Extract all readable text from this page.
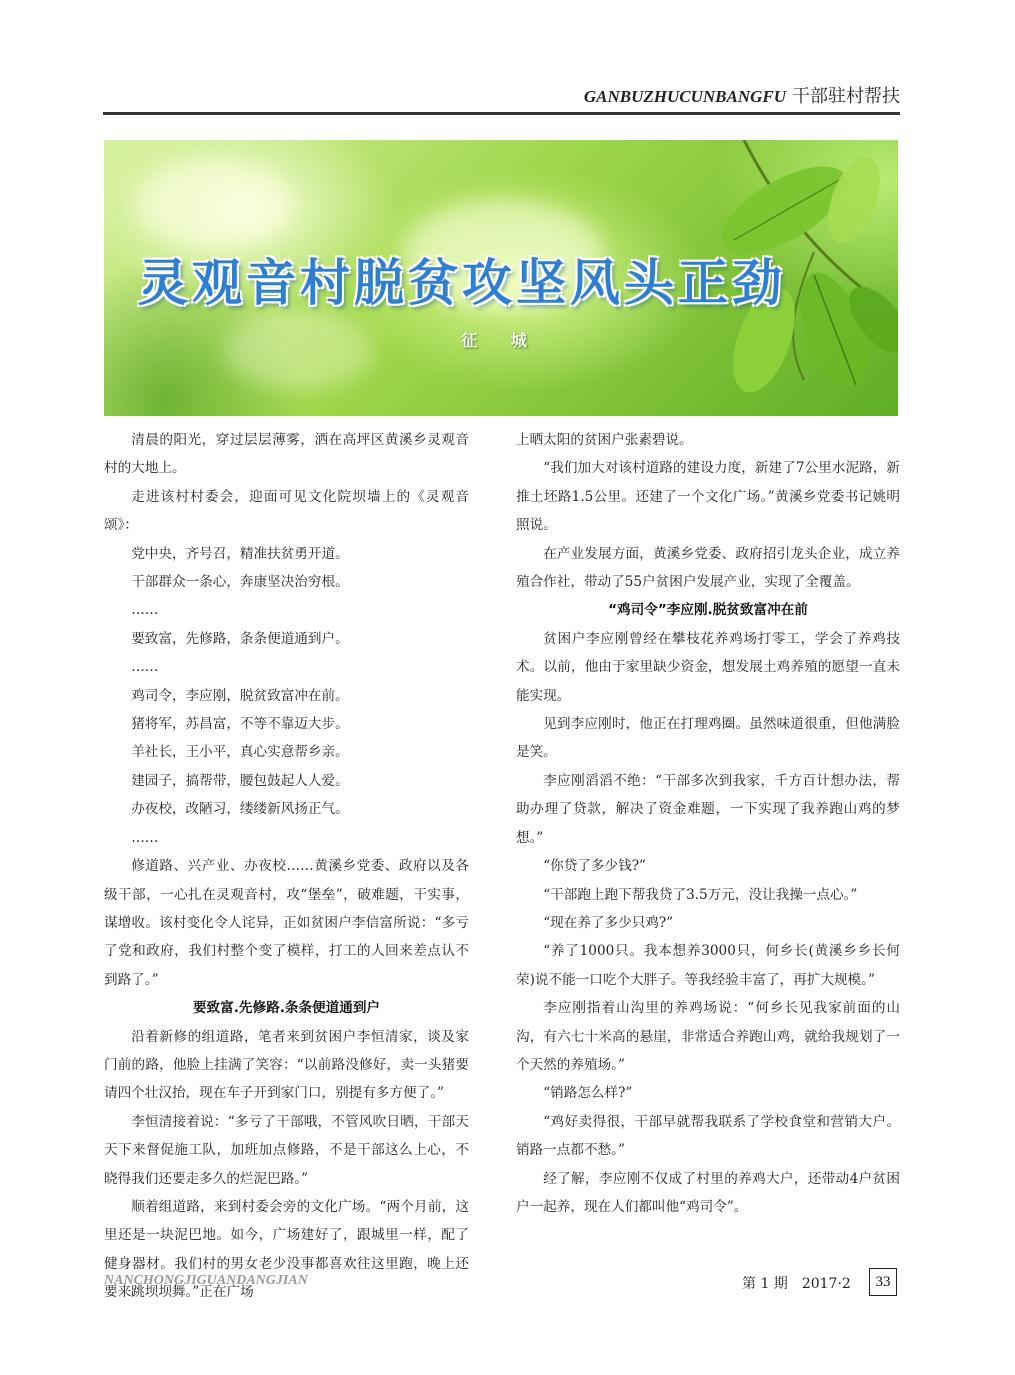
GANBUZHUCUNBANGFU 干部驻村帮扶
灵观音村脱贫攻坚风头正劲
征 城

清晨的阳光，穿过层层薄雾，洒在高坪区黄溪乡灵观音村的大地上。

走进该村村委会，迎面可见文化院坝墙上的《灵观音颂》：

党中央，齐号召，精准扶贫勇开道。

干部群众一条心，奔康坚决治穷根。

……

要致富，先修路，条条便道通到户。

……

鸡司令，李应刚，脱贫致富冲在前。

猪将军，苏昌富，不等不靠迈大步。

羊社长，王小平，真心实意帮乡亲。

建园子，搞帮带，腰包鼓起人人爱。

办夜校，改陋习，缕缕新风扬正气。

……

修道路、兴产业、办夜校……黄溪乡党委、政府以及各级干部，一心扎在灵观音村，攻“堡垒”，破难题，干实事，谋增收。该村变化令人诧异，正如贫困户李信富所说：“多亏了党和政府，我们村整个变了模样，打工的人回来差点认不到路了。”

要致富.先修路.条条便道通到户

沿着新修的组道路，笔者来到贫困户李恒清家，谈及家门前的路，他脸上挂满了笑容：“以前路没修好，卖一头猪要请四个壮汉抬，现在车子开到家门口，别提有多方便了。”

李恒清接着说：“多亏了干部哦，不管风吹日晒，干部天天下来督促施工队，加班加点修路，不是干部这么上心，不晓得我们还要走多久的烂泥巴路。”

顺着组道路，来到村委会旁的文化广场。“两个月前，这里还是一块泥巴地。如今，广场建好了，跟城里一样，配了健身器材。我们村的男女老少没事都喜欢往这里跑，晚上还要来跳坝坝舞。”正在广场

上晒太阳的贫困户张素碧说。

“我们加大对该村道路的建设力度，新建了7公里水泥路，新推土坯路1.5公里。还建了一个文化广场。”黄溪乡党委书记姚明照说。

在产业发展方面，黄溪乡党委、政府招引龙头企业，成立养殖合作社，带动了55户贫困户发展产业，实现了全覆盖。

“鸡司令”李应刚.脱贫致富冲在前

贫困户李应刚曾经在攀枝花养鸡场打零工，学会了养鸡技术。以前，他由于家里缺少资金，想发展土鸡养殖的愿望一直未能实现。

见到李应刚时，他正在打理鸡圈。虽然味道很重，但他满脸是笑。

李应刚滔滔不绝：“干部多次到我家，千方百计想办法，帮助办理了贷款，解决了资金难题，一下实现了我养跑山鸡的梦想。”

“你贷了多少钱?”

“干部跑上跑下帮我贷了3.5万元，没让我操一点心。”

“现在养了多少只鸡?”

“养了1000只。我本想养3000只，何乡长(黄溪乡乡长何荣)说不能一口吃个大胖子。等我经验丰富了，再扩大规模。”

李应刚指着山沟里的养鸡场说：“何乡长见我家前面的山沟，有六七十米高的悬崖，非常适合养跑山鸡，就给我规划了一个天然的养殖场。”

“销路怎么样?”

“鸡好卖得很，干部早就帮我联系了学校食堂和营销大户。销路一点都不愁。”

经了解，李应刚不仅成了村里的养鸡大户，还带动4户贫困户一起养，现在人们都叫他“鸡司令”。

NANCHONGJIGUANDANGJIAN	第 1 期 2017·2	33
